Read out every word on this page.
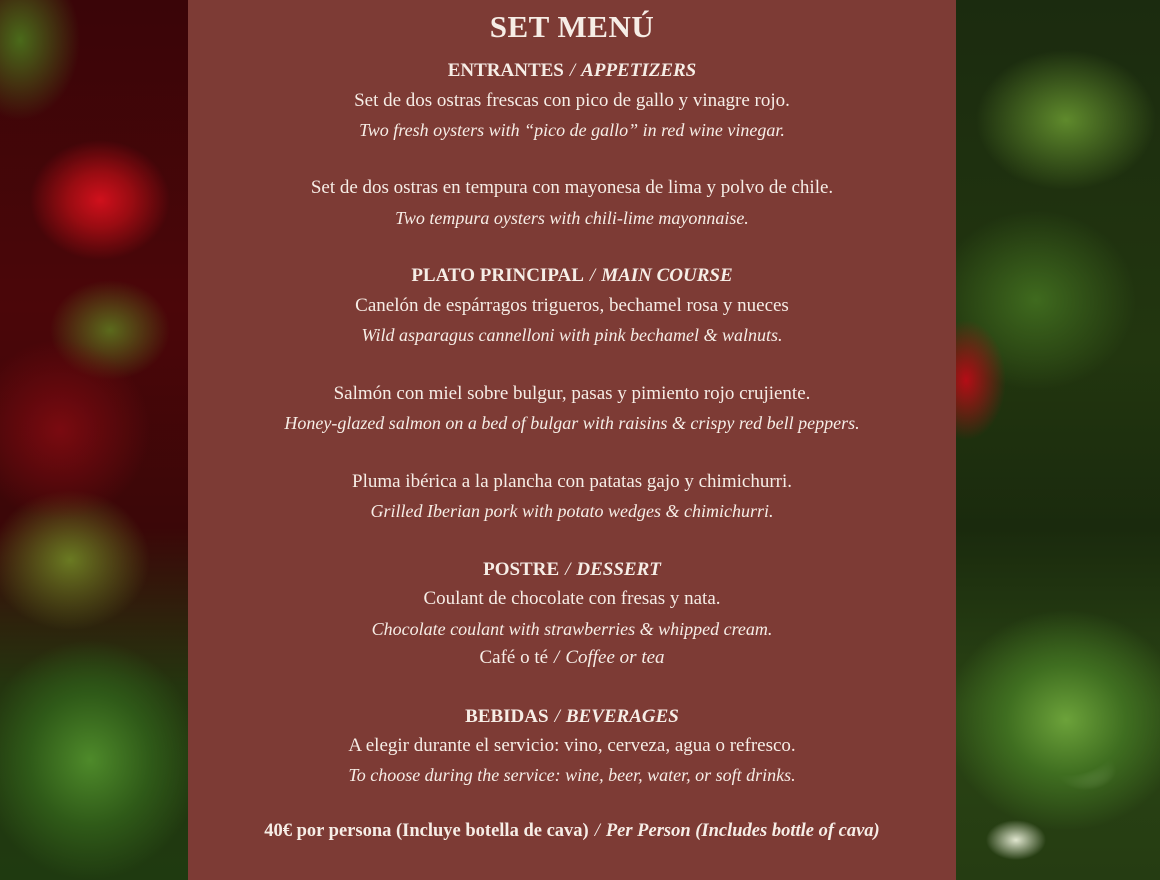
SET MENÚ
ENTRANTES / APPETIZERS
Set de dos ostras frescas con pico de gallo y vinagre rojo.
Two fresh oysters with “pico de gallo” in red wine vinegar.
Set de dos ostras en tempura con mayonesa de lima y polvo de chile.
Two tempura oysters with chili-lime mayonnaise.
PLATO PRINCIPAL / MAIN COURSE
Canelón de espárragos trigueros, bechamel rosa y nueces
Wild asparagus cannelloni with pink bechamel & walnuts.
Salmón con miel sobre bulgur, pasas y pimiento rojo crujiente.
Honey-glazed salmon on a bed of bulgar with raisins & crispy red bell peppers.
Pluma ibérica a la plancha con patatas gajo y chimichurri.
Grilled Iberian pork with potato wedges & chimichurri.
POSTRE / DESSERT
Coulant de chocolate con fresas y nata.
Chocolate coulant with strawberries & whipped cream.
Café o té / Coffee or tea
BEBIDAS / BEVERAGES
A elegir durante el servicio: vino, cerveza, agua o refresco.
To choose during the service: wine, beer, water, or soft drinks.
40€ por persona (Incluye botella de cava) / Per Person (Includes bottle of cava)
